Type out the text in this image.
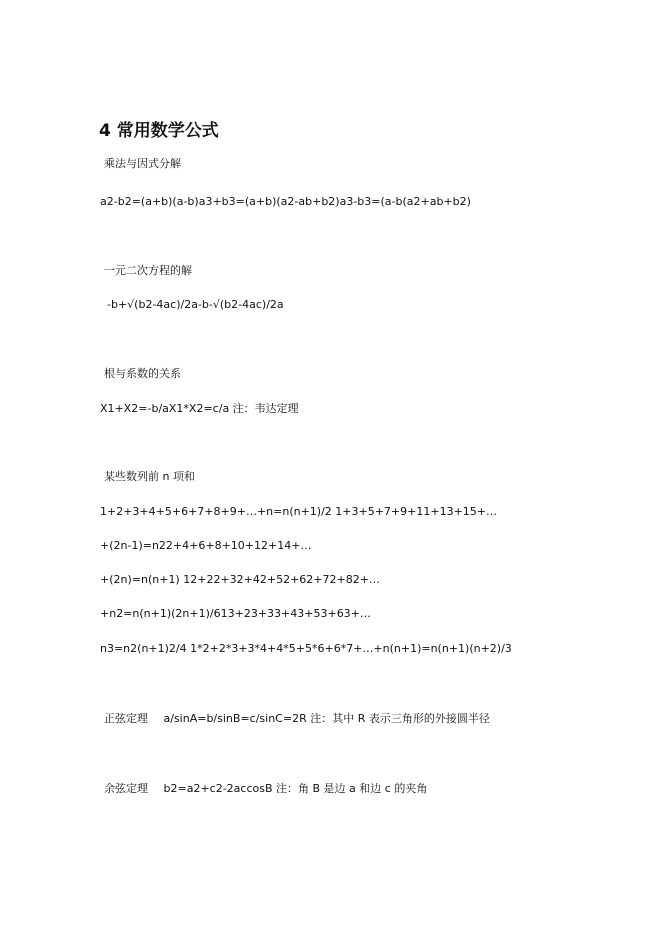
4 常用数学公式
乘法与因式分解
a2-b2=(a+b)(a-b)a3+b3=(a+b)(a2-ab+b2)a3-b3=(a-b(a2+ab+b2)
一元二次方程的解
-b+√(b2-4ac)/2a-b-√(b2-4ac)/2a
根与系数的关系
X1+X2=-b/aX1*X2=c/a 注：韦达定理
某些数列前 n 项和
1+2+3+4+5+6+7+8+9+…+n=n(n+1)/2 1+3+5+7+9+11+13+15+…
+(2n-1)=n22+4+6+8+10+12+14+…
+(2n)=n(n+1) 12+22+32+42+52+62+72+82+…
+n2=n(n+1)(2n+1)/613+23+33+43+53+63+…
n3=n2(n+1)2/4 1*2+2*3+3*4+4*5+5*6+6*7+…+n(n+1)=n(n+1)(n+2)/3
正弦定理 a/sinA=b/sinB=c/sinC=2R 注：其中 R 表示三角形的外接圆半径
余弦定理 b2=a2+c2-2accosB 注：角 B 是边 a 和边 c 的夹角
